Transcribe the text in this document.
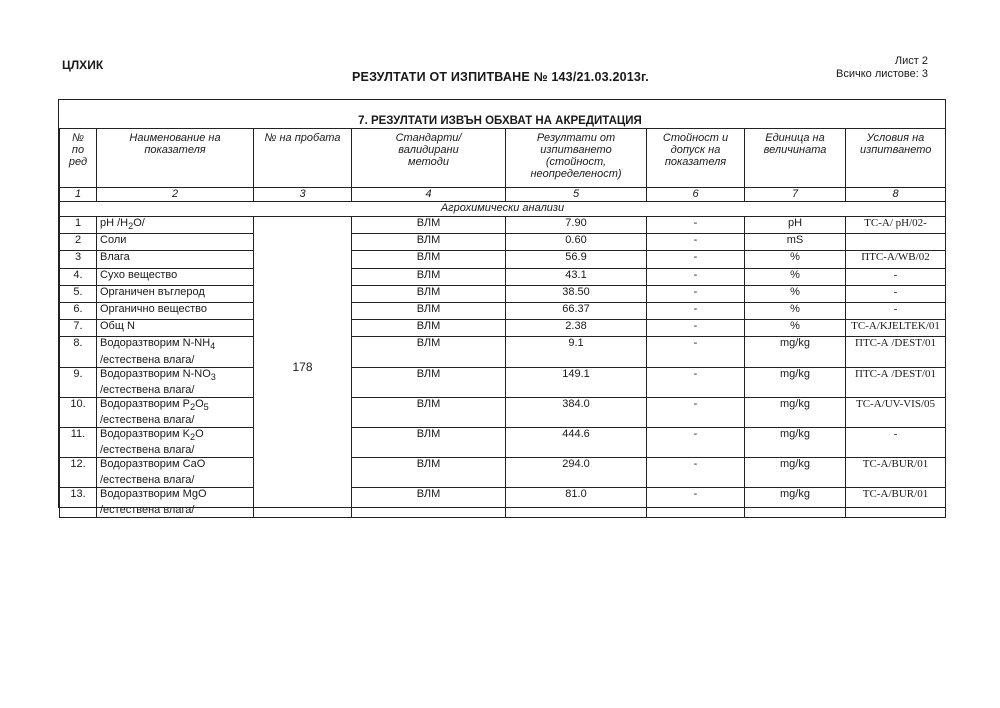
ЦЛХИК	Лист 2
Всичко листове: 3
РЕЗУЛТАТИ ОТ ИЗПИТВАНЕ № 143/21.03.2013г.
7. РЕЗУЛТАТИ ИЗВЪН ОБХВАТ НА АКРЕДИТАЦИЯ
№ по ред	Наименование на показателя	№ на пробата	Стандарти/ валидирани методи	Резултати от изпитването (стойност, неопределеност)	Стойност и допуск на показателя	Единица на величината	Условия на изпитването
1	2	3	4	5	6	7	8
Агрохимически анализи							
1	pH $/H_2O/$	178	ВЛМ	7.90	-	pH	ТС-А/ pH/02-
2	Соли		ВЛМ	0.60	-	mS	
3	Влага		ВЛМ	56.9	-	%	ПТС-А/WB/02
4.	Сухо вещество		ВЛМ	43.1	-	%	-
5.	Органичен въглерод		ВЛМ	38.50	-	%	-
6.	Органично вещество		ВЛМ	66.37	-	%	-
7.	Общ N		ВЛМ	2.38	-	%	ТС-А/KJELTEK/01
8.	Водоразтворим $N-NH_4$
/естествена влага/		ВЛМ	9.1	-	mg/kg	ПТС-А /DEST/01
9.	Водоразтворим $N-NO_3$
/естествена влага/		ВЛМ	149.1	-	mg/kg	ПТС-А /DEST/01
10.	Водоразтворим $P_2O_5$
/естествена влага/		ВЛМ	384.0	-	mg/kg	ТС-А/UV-VIS/05
11.	Водоразтворим $K_2O$
/естествена влага/		ВЛМ	444.6	-	mg/kg	-
12.	Водоразтворим CaO
/естествена влага/		ВЛМ	294.0	-	mg/kg	ТС-А/BUR/01
13.	Водоразтворим MgO
/естествена влага/		ВЛМ	81.0	-	mg/kg	ТС-А/BUR/01
